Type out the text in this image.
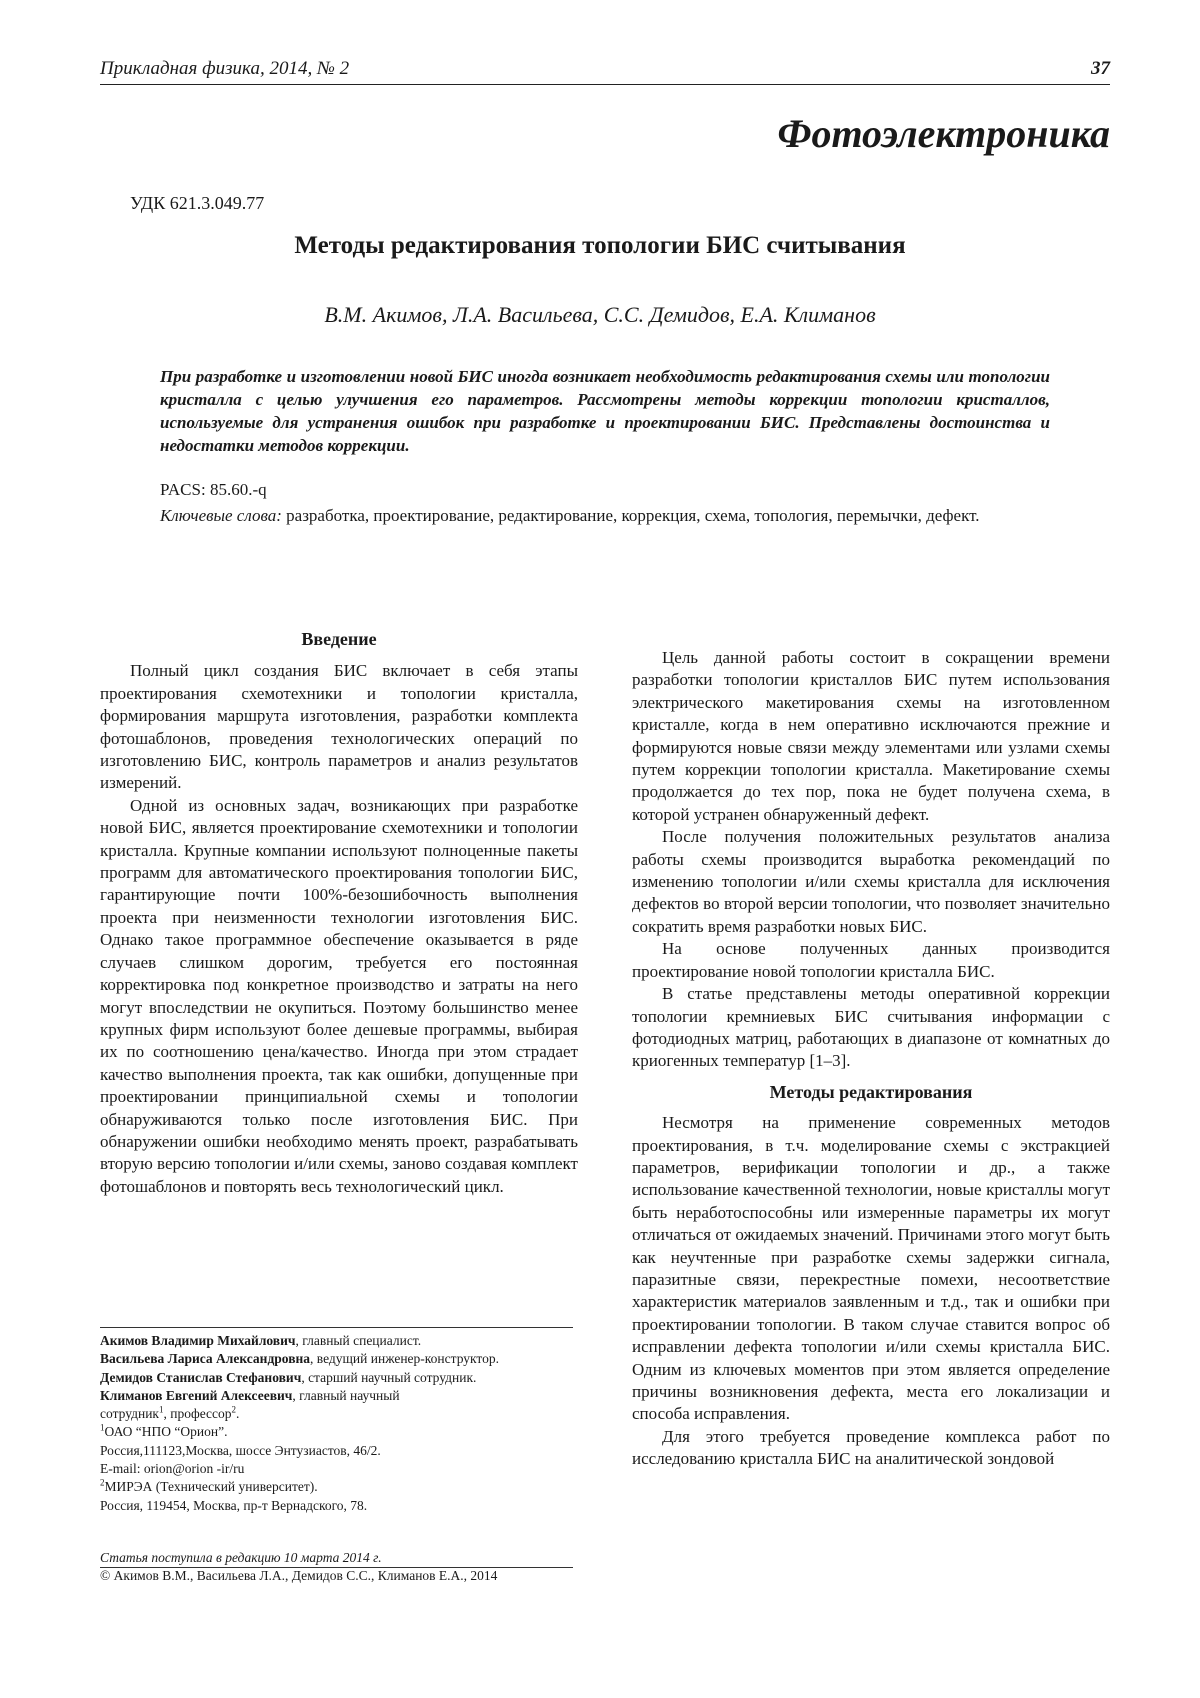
Прикладная физика, 2014, № 2	37
Фотоэлектроника
УДК 621.3.049.77
Методы редактирования топологии БИС считывания
В.М. Акимов, Л.А. Васильева, С.С. Демидов, Е.А. Климанов
При разработке и изготовлении новой БИС иногда возникает необходимость редактирования схемы или топологии кристалла с целью улучшения его параметров. Рассмотрены методы коррекции топологии кристаллов, используемые для устранения ошибок при разработке и проектировании БИС. Представлены достоинства и недостатки методов коррекции.
PACS: 85.60.-q
Ключевые слова: разработка, проектирование, редактирование, коррекция, схема, топология, перемычки, дефект.
Введение

Полный цикл создания БИС включает в себя этапы проектирования схемотехники и топологии кристалла, формирования маршрута изготовления, разработки комплекта фотошаблонов, проведения технологических операций по изготовлению БИС, контроль параметров и анализ результатов измерений.

Одной из основных задач, возникающих при разработке новой БИС, является проектирование схемотехники и топологии кристалла. Крупные компании используют полноценные пакеты программ для автоматического проектирования топологии БИС, гарантирующие почти 100%-безошибочность выполнения проекта при неизменности технологии изготовления БИС. Однако такое программное обеспечение оказывается в ряде случаев слишком дорогим, требуется его постоянная корректировка под конкретное производство и затраты на него могут впоследствии не окупиться. Поэтому большинство менее крупных фирм используют более дешевые программы, выбирая их по соотношению цена/качество. Иногда при этом страдает качество выполнения проекта, так как ошибки, допущенные при проектировании принципиальной схемы и топологии обнаруживаются только после изготовления БИС. При обнаружении ошибки необходимо менять проект, разрабатывать вторую версию топологии и/или схемы, заново создавая комплект фотошаблонов и повторять весь технологический цикл.

Цель данной работы состоит в сокращении времени разработки топологии кристаллов БИС путем использования электрического макетирования схемы на изготовленном кристалле, когда в нем оперативно исключаются прежние и формируются новые связи между элементами или узлами схемы путем коррекции топологии кристалла. Макетирование схемы продолжается до тех пор, пока не будет получена схема, в которой устранен обнаруженный дефект.

После получения положительных результатов анализа работы схемы производится выработка рекомендаций по изменению топологии и/или схемы кристалла для исключения дефектов во второй версии топологии, что позволяет значительно сократить время разработки новых БИС.

На основе полученных данных производится проектирование новой топологии кристалла БИС.

В статье представлены методы оперативной коррекции топологии кремниевых БИС считывания информации с фотодиодных матриц, работающих в диапазоне от комнатных до криогенных температур [1–3].

Методы редактирования

Несмотря на применение современных методов проектирования, в т.ч. моделирование схемы с экстракцией параметров, верификации топологии и др., а также использование качественной технологии, новые кристаллы могут быть неработоспособны или измеренные параметры их могут отличаться от ожидаемых значений. Причинами этого могут быть как неучтенные при разработке схемы задержки сигнала, паразитные связи, перекрестные помехи, несоответствие характеристик материалов заявленным и т.д., так и ошибки при проектировании топологии. В таком случае ставится вопрос об исправлении дефекта топологии и/или схемы кристалла БИС. Одним из ключевых моментов при этом является определение причины возникновения дефекта, места его локализации и способа исправления.

Для этого требуется проведение комплекса работ по исследованию кристалла БИС на аналитической зондовой

Акимов Владимир Михайлович, главный специалист.
Васильева Лариса Александровна, ведущий инженер-конструктор.
Демидов Станислав Стефанович, старший научный сотрудник.
Климанов Евгений Алексеевич, главный научный
сотрудник$^1$, профессор$^2$.
$^1$ОАО “НПО “Орион”.
Россия,111123,Москва, шоссе Энтузиастов, 46/2.
E-mail: orion@orion -ir/ru
$^2$МИРЭА (Технический университет).
Россия, 119454, Москва, пр-т Вернадского, 78.
Статья поступила в редакцию 10 марта 2014 г.
© Акимов В.М., Васильева Л.А., Демидов С.С., Климанов Е.А., 2014
